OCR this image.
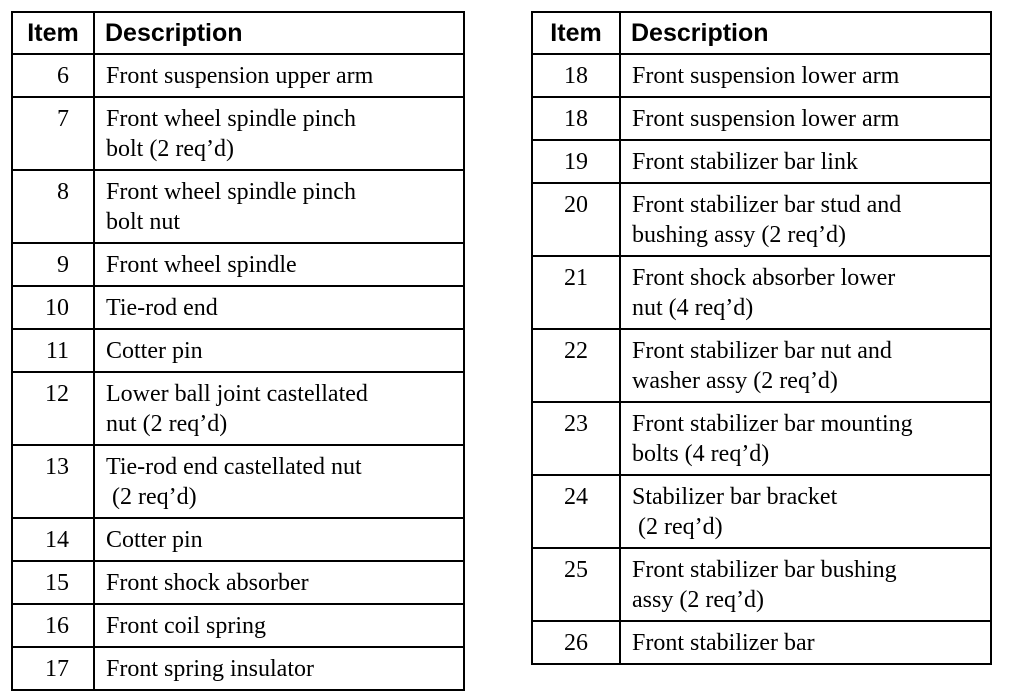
Item	Description
6	Front suspension upper arm
7	Front wheel spindle pinch
bolt (2 req’d)
8	Front wheel spindle pinch
bolt nut
9	Front wheel spindle
10	Tie-rod end
11	Cotter pin
12	Lower ball joint castellated
nut (2 req’d)
13	Tie-rod end castellated nut
(2 req’d)
14	Cotter pin
15	Front shock absorber
16	Front coil spring
17	Front spring insulator
Item	Description
18	Front suspension lower arm
18	Front suspension lower arm
19	Front stabilizer bar link
20	Front stabilizer bar stud and
bushing assy (2 req’d)
21	Front shock absorber lower
nut (4 req’d)
22	Front stabilizer bar nut and
washer assy (2 req’d)
23	Front stabilizer bar mounting
bolts (4 req’d)
24	Stabilizer bar bracket
(2 req’d)
25	Front stabilizer bar bushing
assy (2 req’d)
26	Front stabilizer bar
